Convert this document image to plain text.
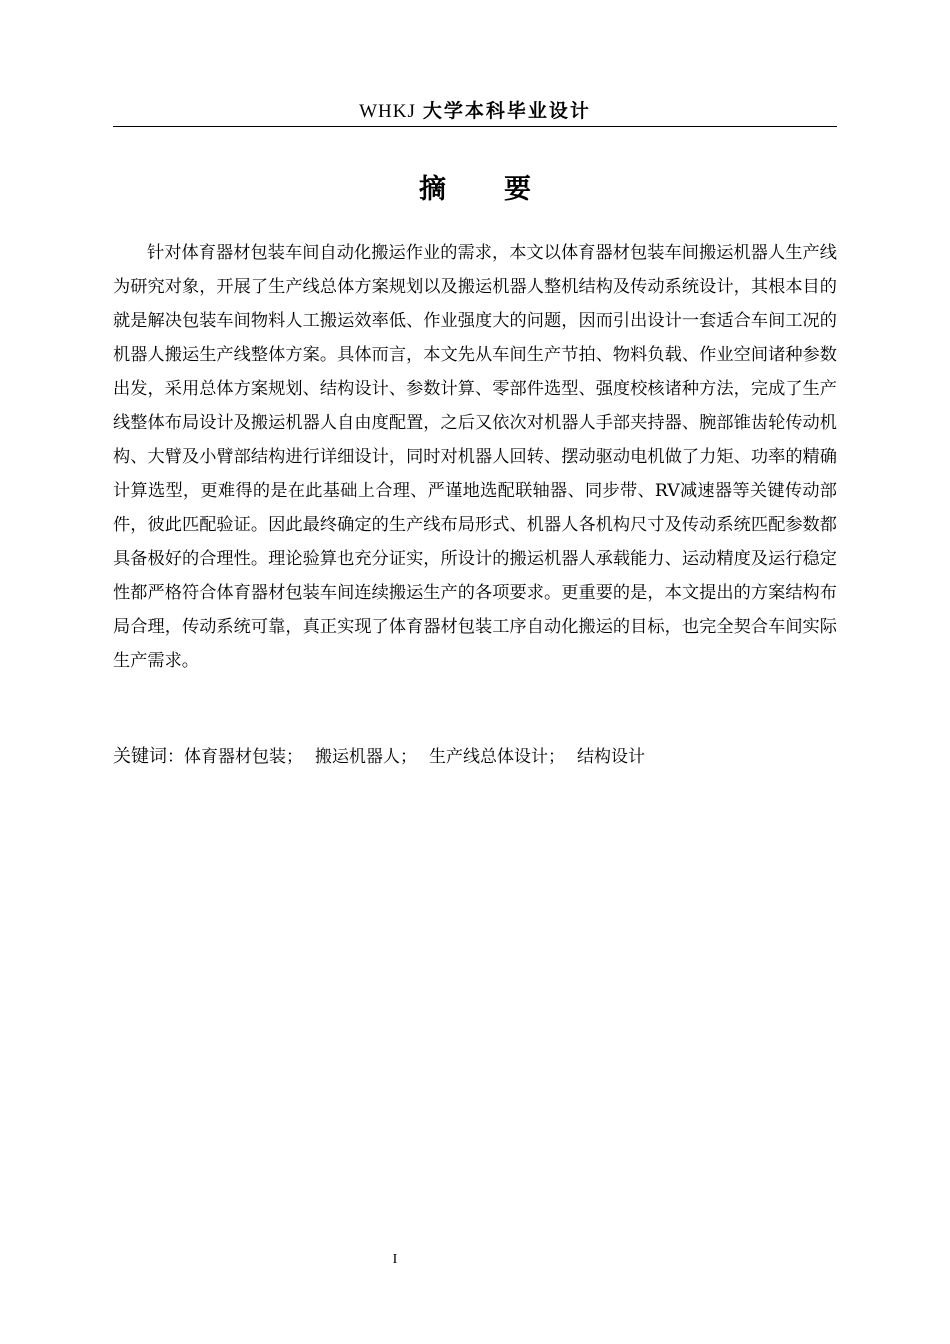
WHKJ 大学本科毕业设计
摘要

针对体育器材包装车间自动化搬运作业的需求，本文以体育器材包装车间搬运机器人生产线为研究对象，开展了生产线总体方案规划以及搬运机器人整机结构及传动系统设计，其根本目的就是解决包装车间物料人工搬运效率低、作业强度大的问题，因而引出设计一套适合车间工况的机器人搬运生产线整体方案。具体而言，本文先从车间生产节拍、物料负载、作业空间诸种参数出发，采用总体方案规划、结构设计、参数计算、零部件选型、强度校核诸种方法，完成了生产线整体布局设计及搬运机器人自由度配置，之后又依次对机器人手部夹持器、腕部锥齿轮传动机构、大臂及小臂部结构进行详细设计，同时对机器人回转、摆动驱动电机做了力矩、功率的精确计算选型，更难得的是在此基础上合理、严谨地选配联轴器、同步带、RV减速器等关键传动部件，彼此匹配验证。因此最终确定的生产线布局形式、机器人各机构尺寸及传动系统匹配参数都具备极好的合理性。理论验算也充分证实，所设计的搬运机器人承载能力、运动精度及运行稳定性都严格符合体育器材包装车间连续搬运生产的各项要求。更重要的是，本文提出的方案结构布局合理，传动系统可靠，真正实现了体育器材包装工序自动化搬运的目标，也完全契合车间实际生产需求。

关键词：体育器材包装； 搬运机器人； 生产线总体设计； 结构设计
I
